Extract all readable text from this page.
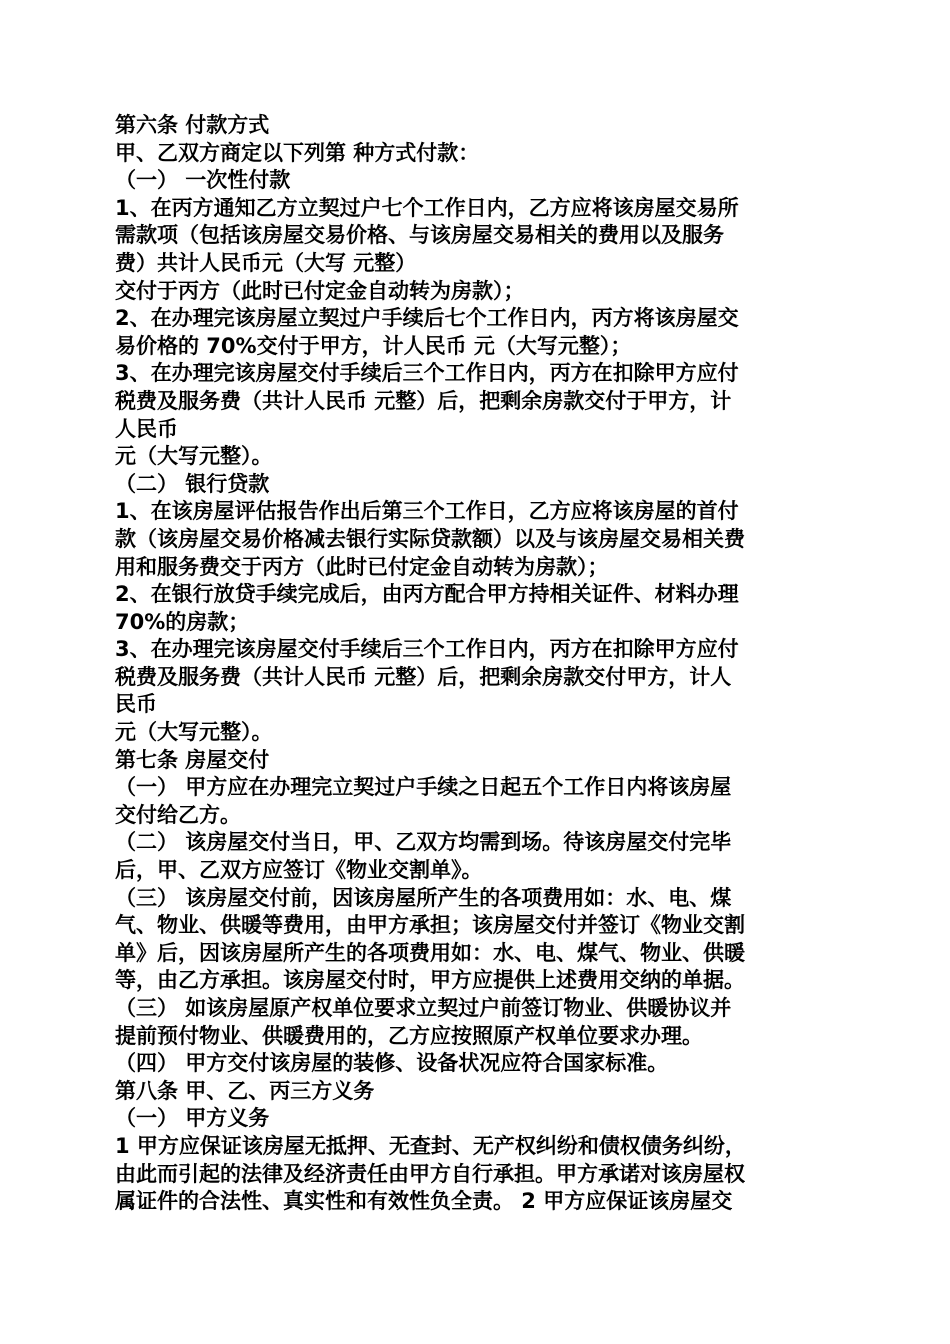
第六条 付款方式
甲、乙双方商定以下列第 种方式付款：
（一） 一次性付款
1、在丙方通知乙方立契过户七个工作日内，乙方应将该房屋交易所
需款项（包括该房屋交易价格、与该房屋交易相关的费用以及服务
费）共计人民币元（大写 元整）
交付于丙方（此时已付定金自动转为房款）；
2、在办理完该房屋立契过户手续后七个工作日内，丙方将该房屋交
易价格的 70%交付于甲方，计人民币 元（大写元整）；
3、在办理完该房屋交付手续后三个工作日内，丙方在扣除甲方应付
税费及服务费（共计人民币 元整）后，把剩余房款交付于甲方，计
人民币
元（大写元整）。
（二） 银行贷款
1、在该房屋评估报告作出后第三个工作日，乙方应将该房屋的首付
款（该房屋交易价格减去银行实际贷款额）以及与该房屋交易相关费
用和服务费交于丙方（此时已付定金自动转为房款）；
2、在银行放贷手续完成后，由丙方配合甲方持相关证件、材料办理
70%的房款；
3、在办理完该房屋交付手续后三个工作日内，丙方在扣除甲方应付
税费及服务费（共计人民币 元整）后，把剩余房款交付甲方，计人
民币
元（大写元整）。
第七条 房屋交付
（一） 甲方应在办理完立契过户手续之日起五个工作日内将该房屋
交付给乙方。
（二） 该房屋交付当日，甲、乙双方均需到场。待该房屋交付完毕
后，甲、乙双方应签订《物业交割单》。
（三） 该房屋交付前，因该房屋所产生的各项费用如：水、电、煤
气、物业、供暖等费用，由甲方承担；该房屋交付并签订《物业交割
单》后，因该房屋所产生的各项费用如：水、电、煤气、物业、供暖
等，由乙方承担。该房屋交付时，甲方应提供上述费用交纳的单据。
（三） 如该房屋原产权单位要求立契过户前签订物业、供暖协议并
提前预付物业、供暖费用的，乙方应按照原产权单位要求办理。
（四） 甲方交付该房屋的装修、设备状况应符合国家标准。
第八条 甲、乙、丙三方义务
（一） 甲方义务
1 甲方应保证该房屋无抵押、无查封、无产权纠纷和债权债务纠纷，
由此而引起的法律及经济责任由甲方自行承担。甲方承诺对该房屋权
属证件的合法性、真实性和有效性负全责。 2 甲方应保证该房屋交
